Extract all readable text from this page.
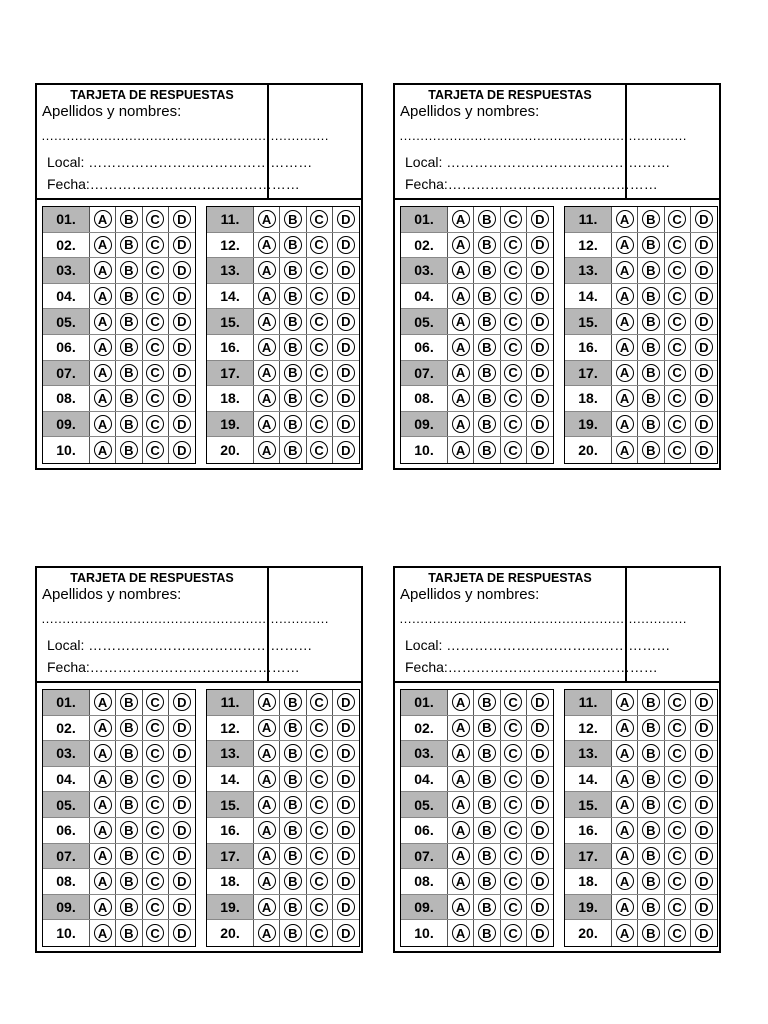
TARJETA DE RESPUESTAS
Apellidos y nombres:
……………………………………………………………
Local: …………………………………………
Fecha:………………………………………
01.	A	B	C	D
02.	A	B	C	D
03.	A	B	C	D
04.	A	B	C	D
05.	A	B	C	D
06.	A	B	C	D
07.	A	B	C	D
08.	A	B	C	D
09.	A	B	C	D
10.	A	B	C	D
11.	A	B	C	D
12.	A	B	C	D
13.	A	B	C	D
14.	A	B	C	D
15.	A	B	C	D
16.	A	B	C	D
17.	A	B	C	D
18.	A	B	C	D
19.	A	B	C	D
20.	A	B	C	D
TARJETA DE RESPUESTAS
Apellidos y nombres:
……………………………………………………………
Local: …………………………………………
Fecha:………………………………………
01.	A	B	C	D
02.	A	B	C	D
03.	A	B	C	D
04.	A	B	C	D
05.	A	B	C	D
06.	A	B	C	D
07.	A	B	C	D
08.	A	B	C	D
09.	A	B	C	D
10.	A	B	C	D
11.	A	B	C	D
12.	A	B	C	D
13.	A	B	C	D
14.	A	B	C	D
15.	A	B	C	D
16.	A	B	C	D
17.	A	B	C	D
18.	A	B	C	D
19.	A	B	C	D
20.	A	B	C	D
TARJETA DE RESPUESTAS
Apellidos y nombres:
……………………………………………………………
Local: …………………………………………
Fecha:………………………………………
01.	A	B	C	D
02.	A	B	C	D
03.	A	B	C	D
04.	A	B	C	D
05.	A	B	C	D
06.	A	B	C	D
07.	A	B	C	D
08.	A	B	C	D
09.	A	B	C	D
10.	A	B	C	D
11.	A	B	C	D
12.	A	B	C	D
13.	A	B	C	D
14.	A	B	C	D
15.	A	B	C	D
16.	A	B	C	D
17.	A	B	C	D
18.	A	B	C	D
19.	A	B	C	D
20.	A	B	C	D
TARJETA DE RESPUESTAS
Apellidos y nombres:
……………………………………………………………
Local: …………………………………………
Fecha:………………………………………
01.	A	B	C	D
02.	A	B	C	D
03.	A	B	C	D
04.	A	B	C	D
05.	A	B	C	D
06.	A	B	C	D
07.	A	B	C	D
08.	A	B	C	D
09.	A	B	C	D
10.	A	B	C	D
11.	A	B	C	D
12.	A	B	C	D
13.	A	B	C	D
14.	A	B	C	D
15.	A	B	C	D
16.	A	B	C	D
17.	A	B	C	D
18.	A	B	C	D
19.	A	B	C	D
20.	A	B	C	D
